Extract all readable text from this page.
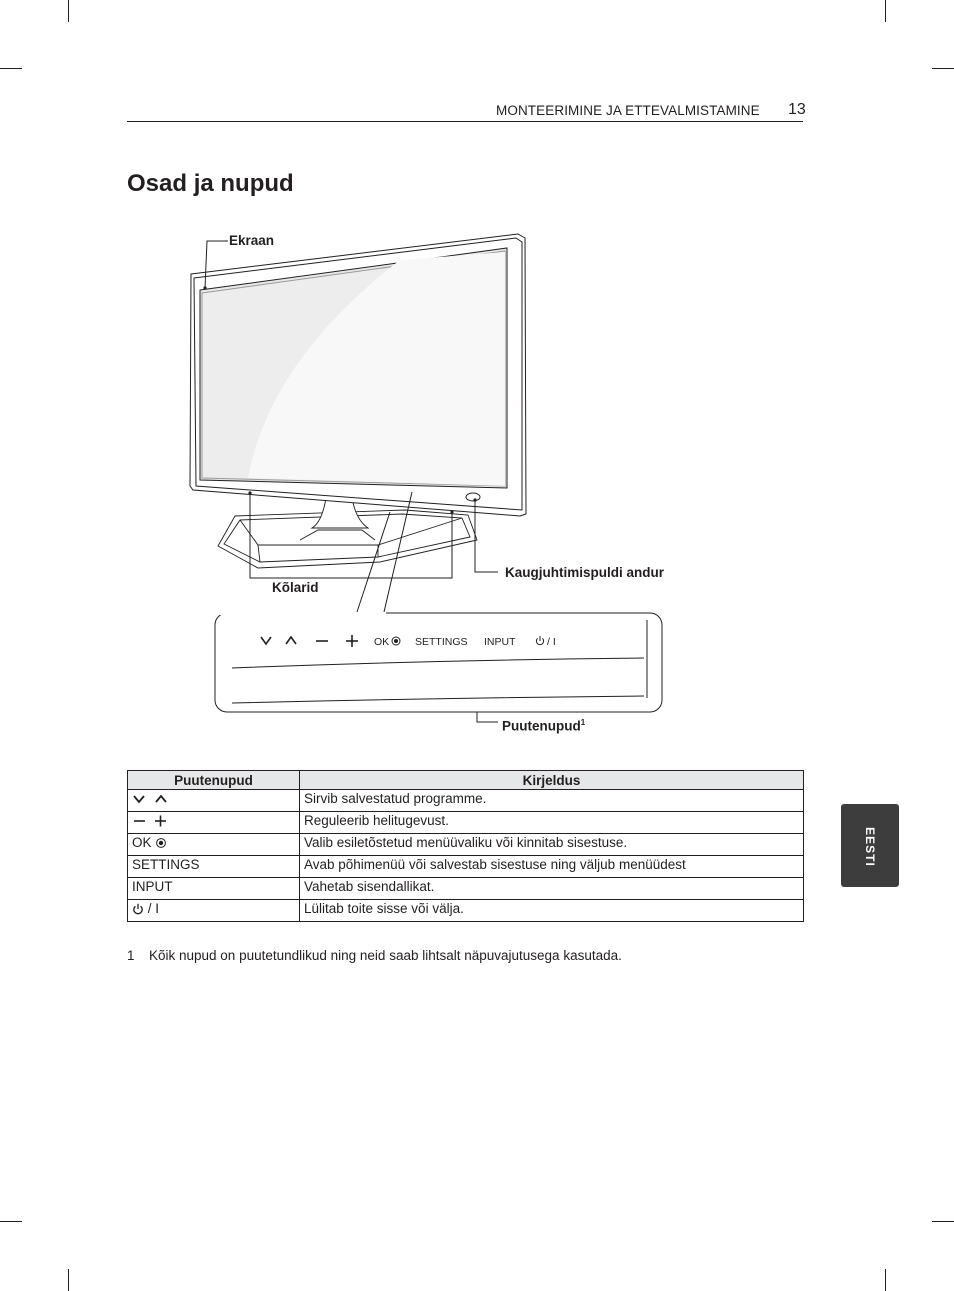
MONTEERIMINE JA ETTEVALMISTAMINE 13
Osad ja nupud
OK SETTINGS INPUT	/ I
Ekraan
Kõlarid
Kaugjuhtimispuldi andur
Puutenupud$^1$
Puutenupud	Kirjeldus
	Sirvib salvestatud programme.
	Reguleerib helitugevust.
OK	Valib esiletõstetud menüüvaliku või kinnitab sisestuse.
SETTINGS	Avab põhimenüü või salvestab sisestuse ning väljub menüüdest
INPUT	Vahetab sisendallikat.
/ I	Lülitab toite sisse või välja.
1 Kõik nupud on puutetundlikud ning neid saab lihtsalt näpuvajutusega kasutada.
EESTI
